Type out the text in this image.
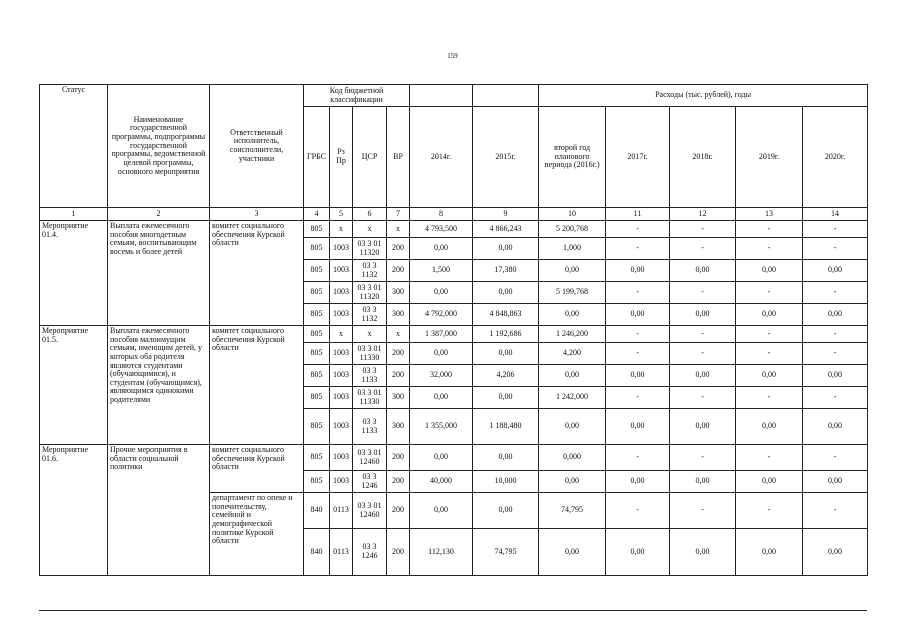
159
Статус	Наименование государственной программы, подпрограммы государственной программы, ведомственной целевой программы, основного мероприятия	Ответственный исполнитель, соисполнители, участники	Код бюджетной классификации						Расходы (тыс. рублей), годы				
			ГРБС	Рз Пр	ЦСР	ВР	2014г.	2015г.	второй год планового периода (2016г.)	2017г.	2018г.	2019г.	2020г.
1	2	3	4	5	6	7	8	9	10	11	12	13	14
Мероприятие 01.4.	Выплата ежемесячного пособия многодетным семьям, воспитывающим восемь и более детей	комитет социального обеспечения Курской области	805	х	х	х	4 793,500	4 866,243	5 200,768	-	-	-	-
			805	1003	03 3 01 11320	200	0,00	0,00	1,000	-	-	-	-
			805	1003	03 3 1132	200	1,500	17,380	0,00	0,00	0,00	0,00	0,00
			805	1003	03 3 01 11320	300	0,00	0,00	5 199,768	-	-	-	-
			805	1003	03 3 1132	300	4 792,000	4 848,863	0,00	0,00	0,00	0,00	0,00
Мероприятие 01.5.	Выплата ежемесячного пособия малоимущим семьям, имеющим детей, у которых оба родителя являются студентами (обучающимися), и студентам (обучающимся), являющимся одинокими родителями	комитет социального обеспечения Курской области	805	х	х	х	1 387,000	1 192,686	1 246,200	-	-	-	-
			805	1003	03 3 01 11330	200	0,00	0,00	4,200	-	-	-	-
			805	1003	03 3 1133	200	32,000	4,206	0,00	0,00	0,00	0,00	0,00
			805	1003	03 3 01 11330	300	0,00	0,00	1 242,000	-	-	-	-
			805	1003	03 3 1133	300	1 355,000	1 188,480	0,00	0,00	0,00	0,00	0,00
Мероприятие 01.6.	Прочие мероприятия в области социальной политики	комитет социального обеспечения Курской области	805	1003	03 3 01 12460	200	0,00	0,00	0,000	-	-	-	-
			805	1003	03 3 1246	200	40,000	10,000	0,00	0,00	0,00	0,00	0,00
		департамент по опеке и попечительству, семейной и демографической политике Курской области	840	0113	03 3 01 12460	200	0,00	0,00	74,795	-	-	-	-
			840	0113	03 3 1246	200	112,130	74,795	0,00	0,00	0,00	0,00	0,00
